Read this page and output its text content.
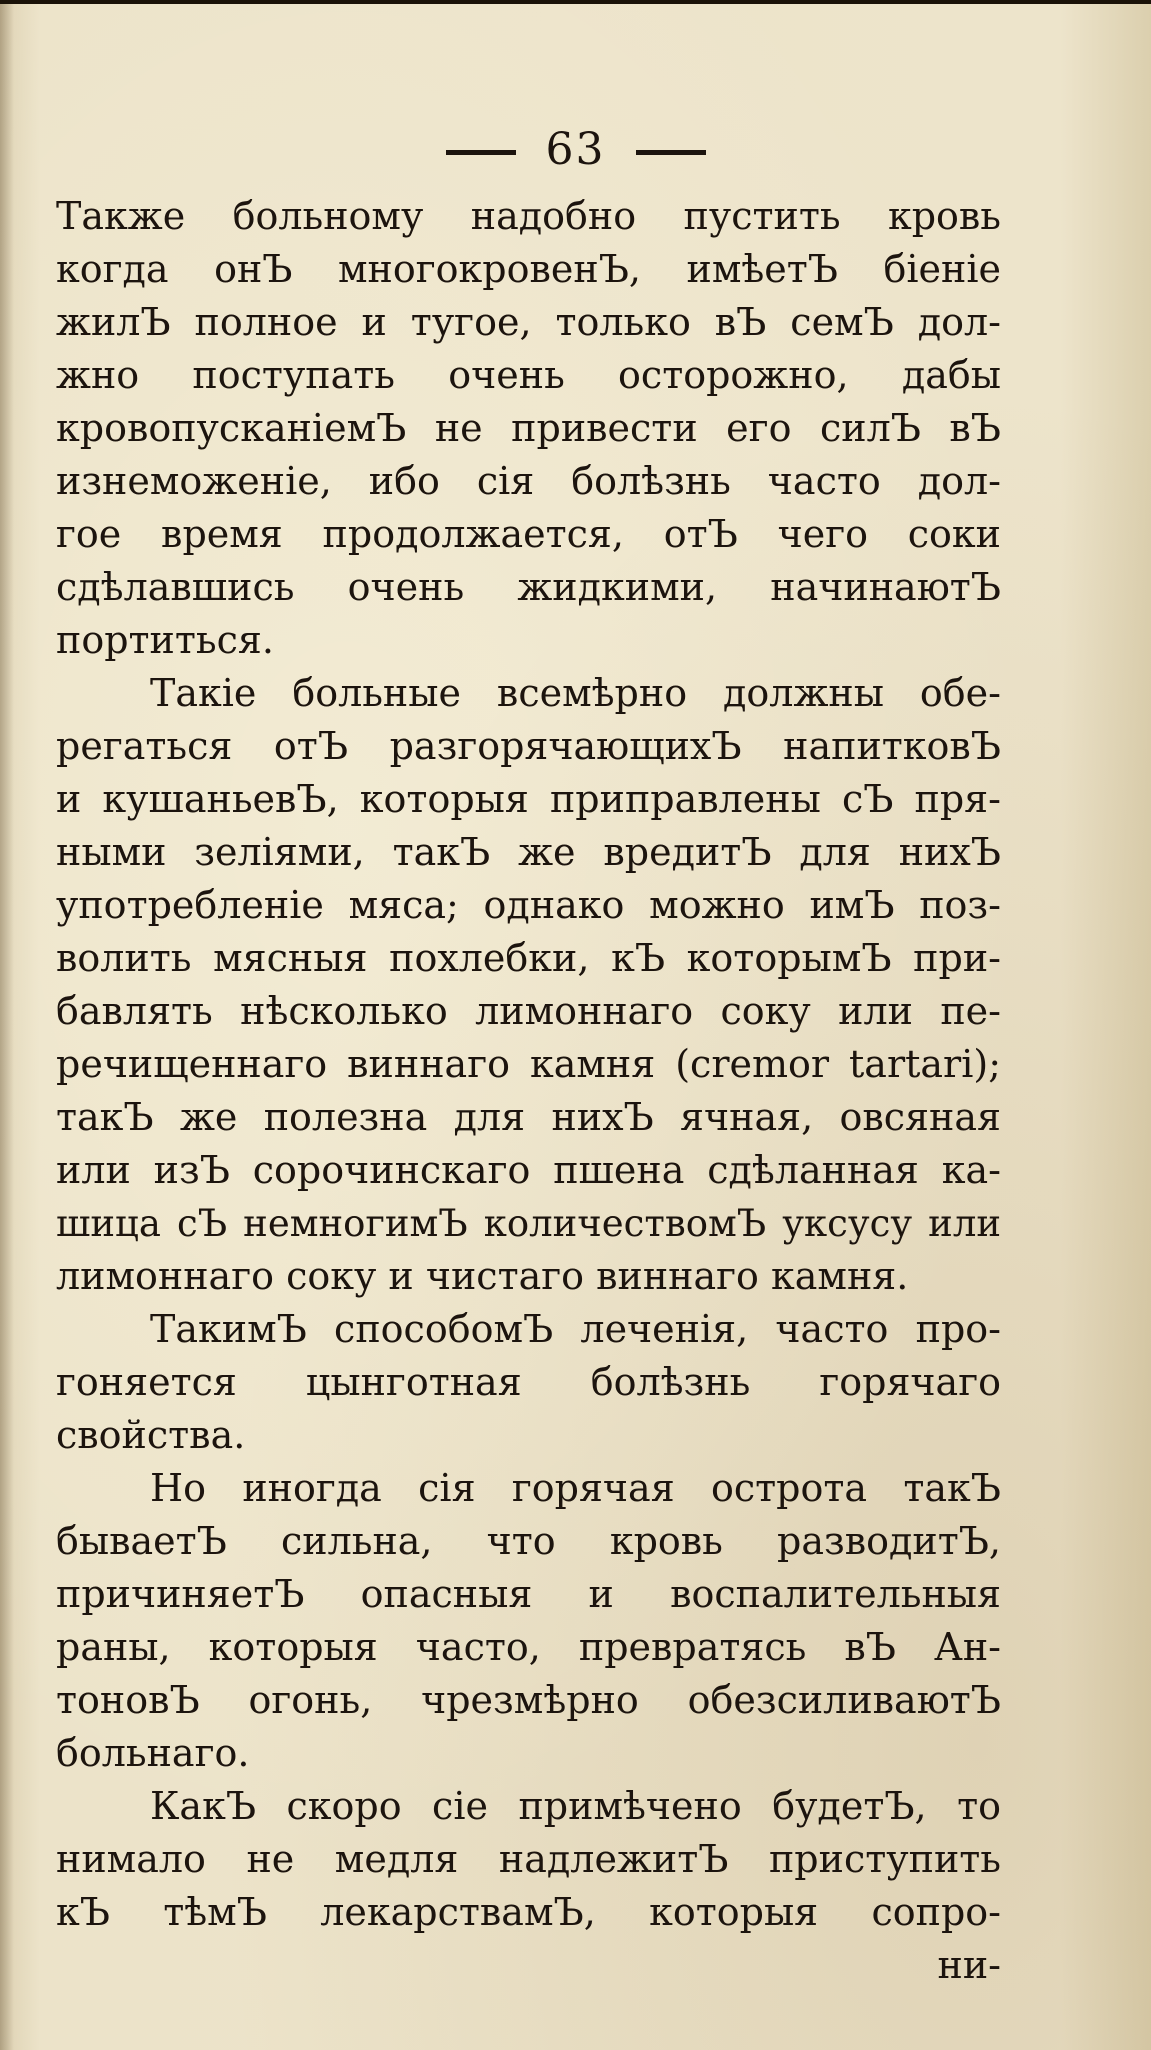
63
Также больному надобно пустить кровь
когда онЪ многокровенЪ, имѣетЪ біеніе
жилЪ полное и тугое, только вЪ семЪ дол-
жно поступать очень осторожно, дабы
кровопусканіемЪ не привести его силЪ вЪ
изнеможеніе, ибо сія болѣзнь часто дол-
гое время продолжается, отЪ чего соки
сдѣлавшись очень жидкими, начинаютЪ
портиться.
Такіе больные всемѣрно должны обе-
регаться отЪ разгорячающихЪ напитковЪ
и кушаньевЪ, которыя приправлены сЪ пря-
ными зеліями, такЪ же вредитЪ для нихЪ
употребленіе мяса; однако можно имЪ поз-
волить мясныя похлебки, кЪ которымЪ при-
бавлять нѣсколько лимоннаго соку или пе-
речищеннаго виннаго камня (cremor tartari);
такЪ же полезна для нихЪ ячная, овсяная
или изЪ сорочинскаго пшена сдѣланная ка-
шица сЪ немногимЪ количествомЪ уксусу или
лимоннаго соку и чистаго виннаго камня.
ТакимЪ способомЪ леченія, часто про-
гоняется цынготная болѣзнь горячаго
свойства.
Но иногда сія горячая острота такЪ
бываетЪ сильна, что кровь разводитЪ,
причиняетЪ опасныя и воспалительныя
раны, которыя часто, превратясь вЪ Ан-
тоновЪ огонь, чрезмѣрно обезсиливаютЪ
больнаго.
КакЪ скоро сіе примѣчено будетЪ, то
нимало не медля надлежитЪ приступить
кЪ тѣмЪ лекарствамЪ, которыя сопро-
ни-
